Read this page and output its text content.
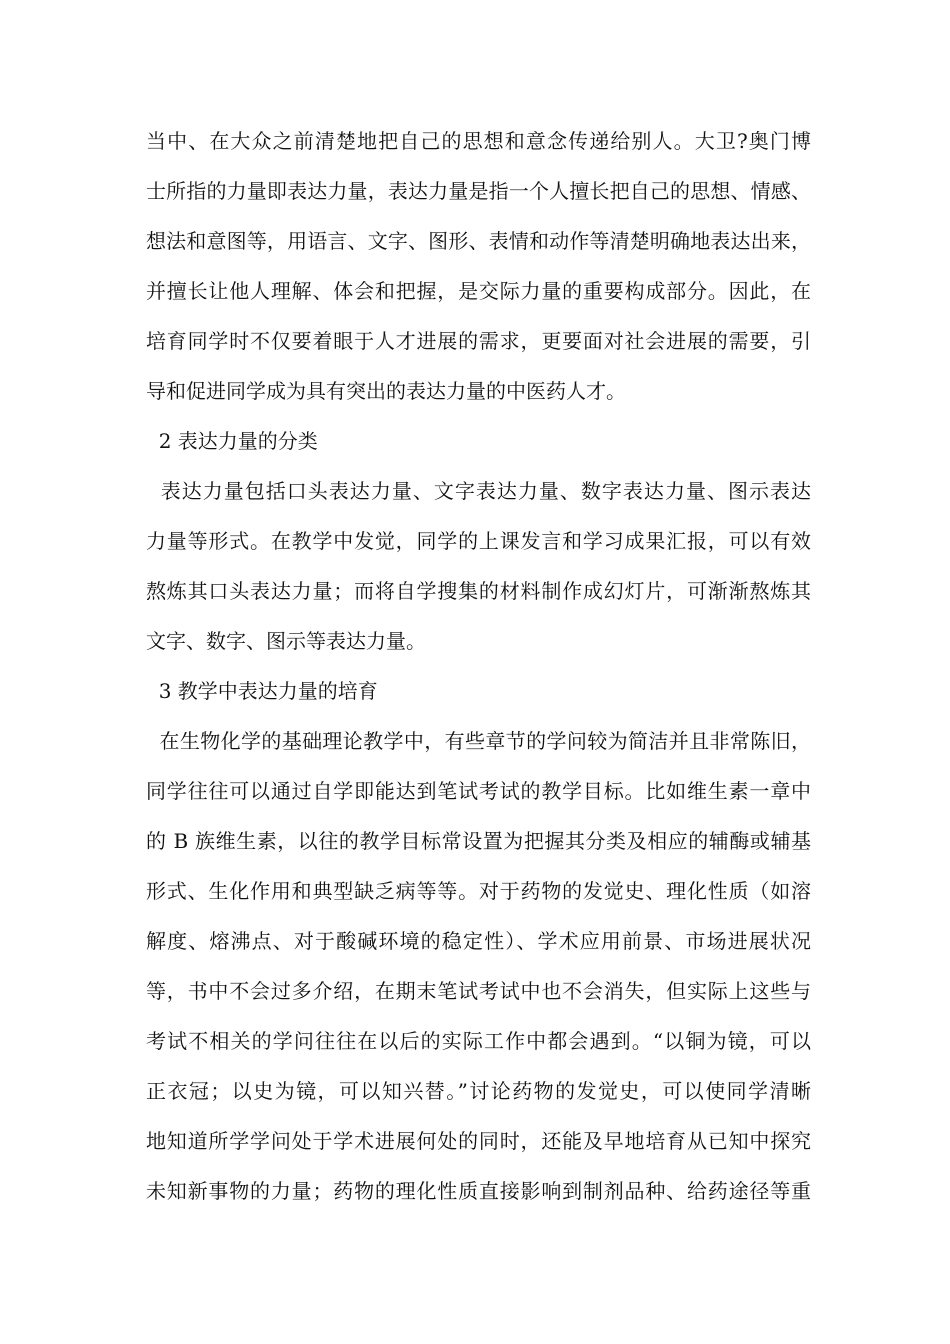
当中、在大众之前清楚地把自己的思想和意念传递给别人。大卫?奥门博
士所指的力量即表达力量，表达力量是指一个人擅长把自己的思想、情感、
想法和意图等，用语言、文字、图形、表情和动作等清楚明确地表达出来，
并擅长让他人理解、体会和把握，是交际力量的重要构成部分。因此，在
培育同学时不仅要着眼于人才进展的需求，更要面对社会进展的需要，引
导和促进同学成为具有突出的表达力量的中医药人才。
2 表达力量的分类
表达力量包括口头表达力量、文字表达力量、数字表达力量、图示表达
力量等形式。在教学中发觉，同学的上课发言和学习成果汇报，可以有效
熬炼其口头表达力量；而将自学搜集的材料制作成幻灯片，可渐渐熬炼其
文字、数字、图示等表达力量。
3 教学中表达力量的培育
在生物化学的基础理论教学中，有些章节的学问较为简洁并且非常陈旧，
同学往往可以通过自学即能达到笔试考试的教学目标。比如维生素一章中
的 B 族维生素，以往的教学目标常设置为把握其分类及相应的辅酶或辅基
形式、生化作用和典型缺乏病等等。对于药物的发觉史、理化性质（如溶
解度、熔沸点、对于酸碱环境的稳定性）、学术应用前景、市场进展状况
等，书中不会过多介绍，在期末笔试考试中也不会消失，但实际上这些与
考试不相关的学问往往在以后的实际工作中都会遇到。“以铜为镜，可以
正衣冠；以史为镜，可以知兴替。”讨论药物的发觉史，可以使同学清晰
地知道所学学问处于学术进展何处的同时，还能及早地培育从已知中探究
未知新事物的力量；药物的理化性质直接影响到制剂品种、给药途径等重
